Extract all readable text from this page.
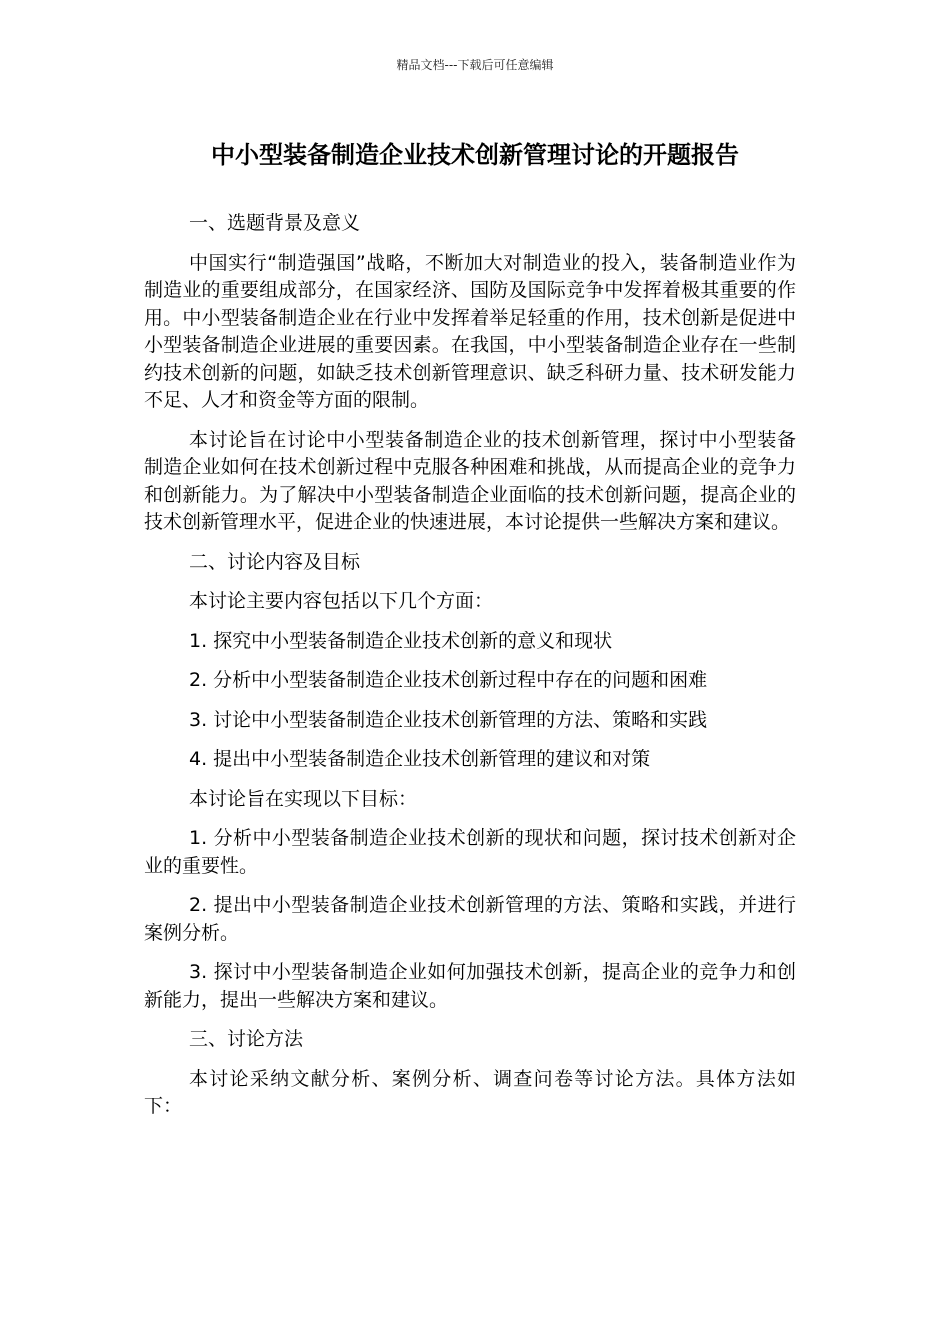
精品文档---下载后可任意编辑
中小型装备制造企业技术创新管理讨论的开题报告

一、选题背景及意义

中国实行“制造强国”战略，不断加大对制造业的投入，装备制造业作为制造业的重要组成部分，在国家经济、国防及国际竞争中发挥着极其重要的作用。中小型装备制造企业在行业中发挥着举足轻重的作用，技术创新是促进中小型装备制造企业进展的重要因素。在我国，中小型装备制造企业存在一些制约技术创新的问题，如缺乏技术创新管理意识、缺乏科研力量、技术研发能力不足、人才和资金等方面的限制。

本讨论旨在讨论中小型装备制造企业的技术创新管理，探讨中小型装备制造企业如何在技术创新过程中克服各种困难和挑战，从而提高企业的竞争力和创新能力。为了解决中小型装备制造企业面临的技术创新问题，提高企业的技术创新管理水平，促进企业的快速进展，本讨论提供一些解决方案和建议。

二、讨论内容及目标

本讨论主要内容包括以下几个方面：

1. 探究中小型装备制造企业技术创新的意义和现状

2. 分析中小型装备制造企业技术创新过程中存在的问题和困难

3. 讨论中小型装备制造企业技术创新管理的方法、策略和实践

4. 提出中小型装备制造企业技术创新管理的建议和对策

本讨论旨在实现以下目标：

1. 分析中小型装备制造企业技术创新的现状和问题，探讨技术创新对企业的重要性。

2. 提出中小型装备制造企业技术创新管理的方法、策略和实践，并进行案例分析。

3. 探讨中小型装备制造企业如何加强技术创新，提高企业的竞争力和创新能力，提出一些解决方案和建议。

三、讨论方法

本讨论采纳文献分析、案例分析、调查问卷等讨论方法。具体方法如下：
